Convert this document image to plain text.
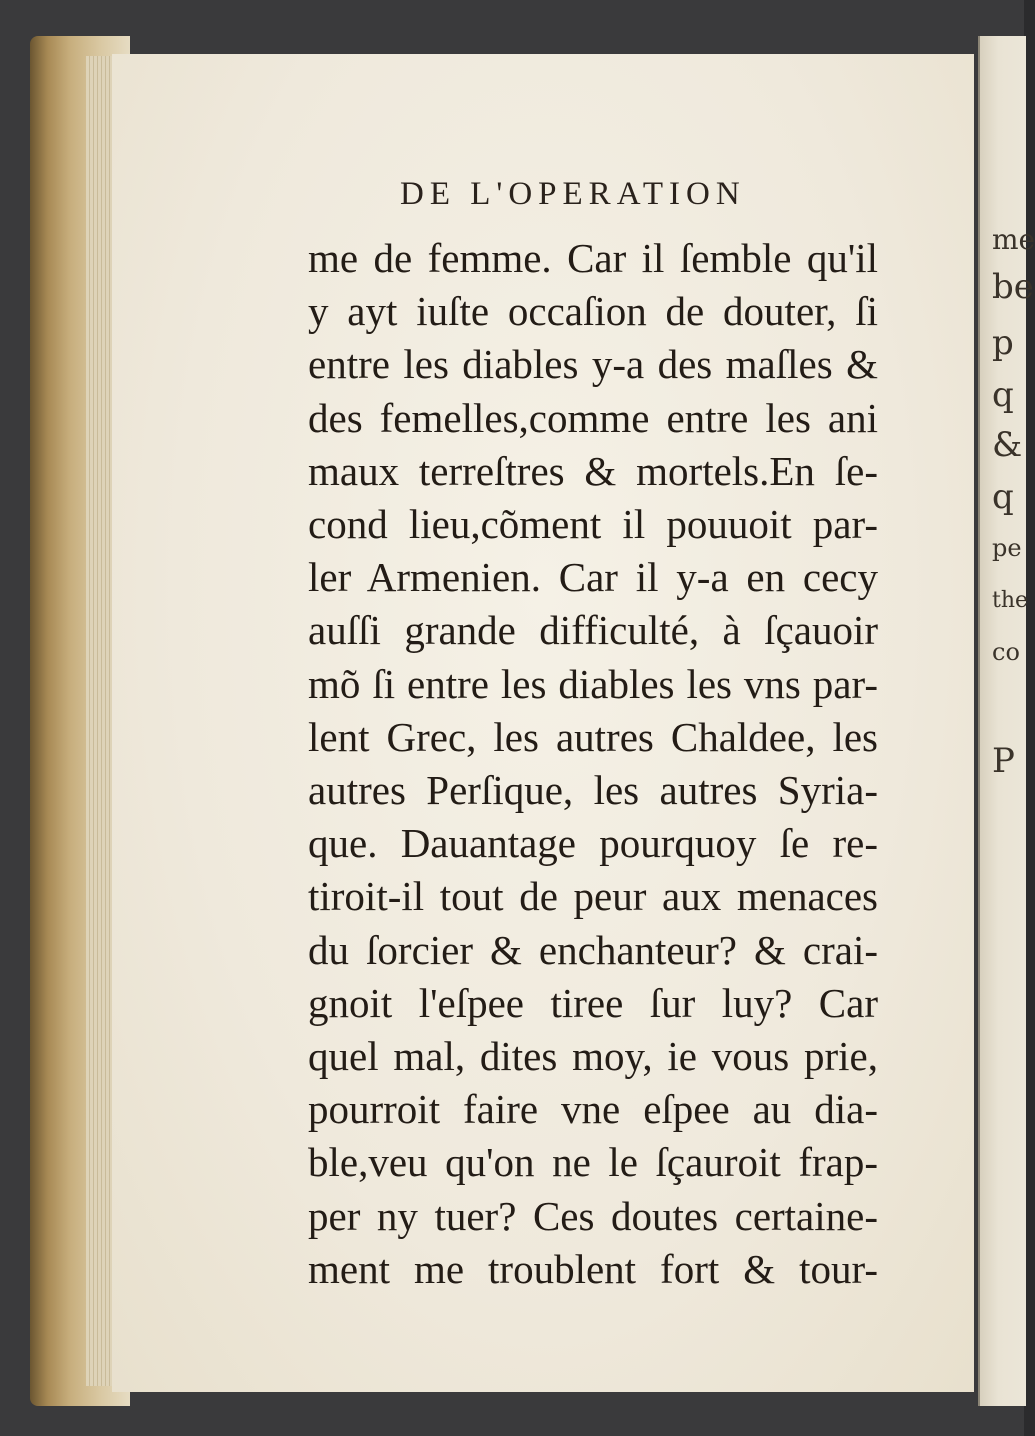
me
be
p
q
&
q
pe
the
co
P
DE L'OPERATION
me de femme. Car il ſemble qu'il
y ayt iuſte occaſion de douter, ſi
entre les diables y-a des maſles &
des femelles,comme entre les ani
maux terreſtres & mortels.En ſe-
cond lieu,cõment il pouuoit par-
ler Armenien. Car il y-a en cecy
auſſi grande difficulté, à ſçauoir
mõ ſi entre les diables les vns par-
lent Grec, les autres Chaldee, les
autres Perſique, les autres Syria-
que. Dauantage pourquoy ſe re-
tiroit-il tout de peur aux menaces
du ſorcier & enchanteur? & crai-
gnoit l'eſpee tiree ſur luy? Car
quel mal, dites moy, ie vous prie,
pourroit faire vne eſpee au dia-
ble,veu qu'on ne le ſçauroit frap-
per ny tuer? Ces doutes certaine-
ment me troublent fort & tour-
